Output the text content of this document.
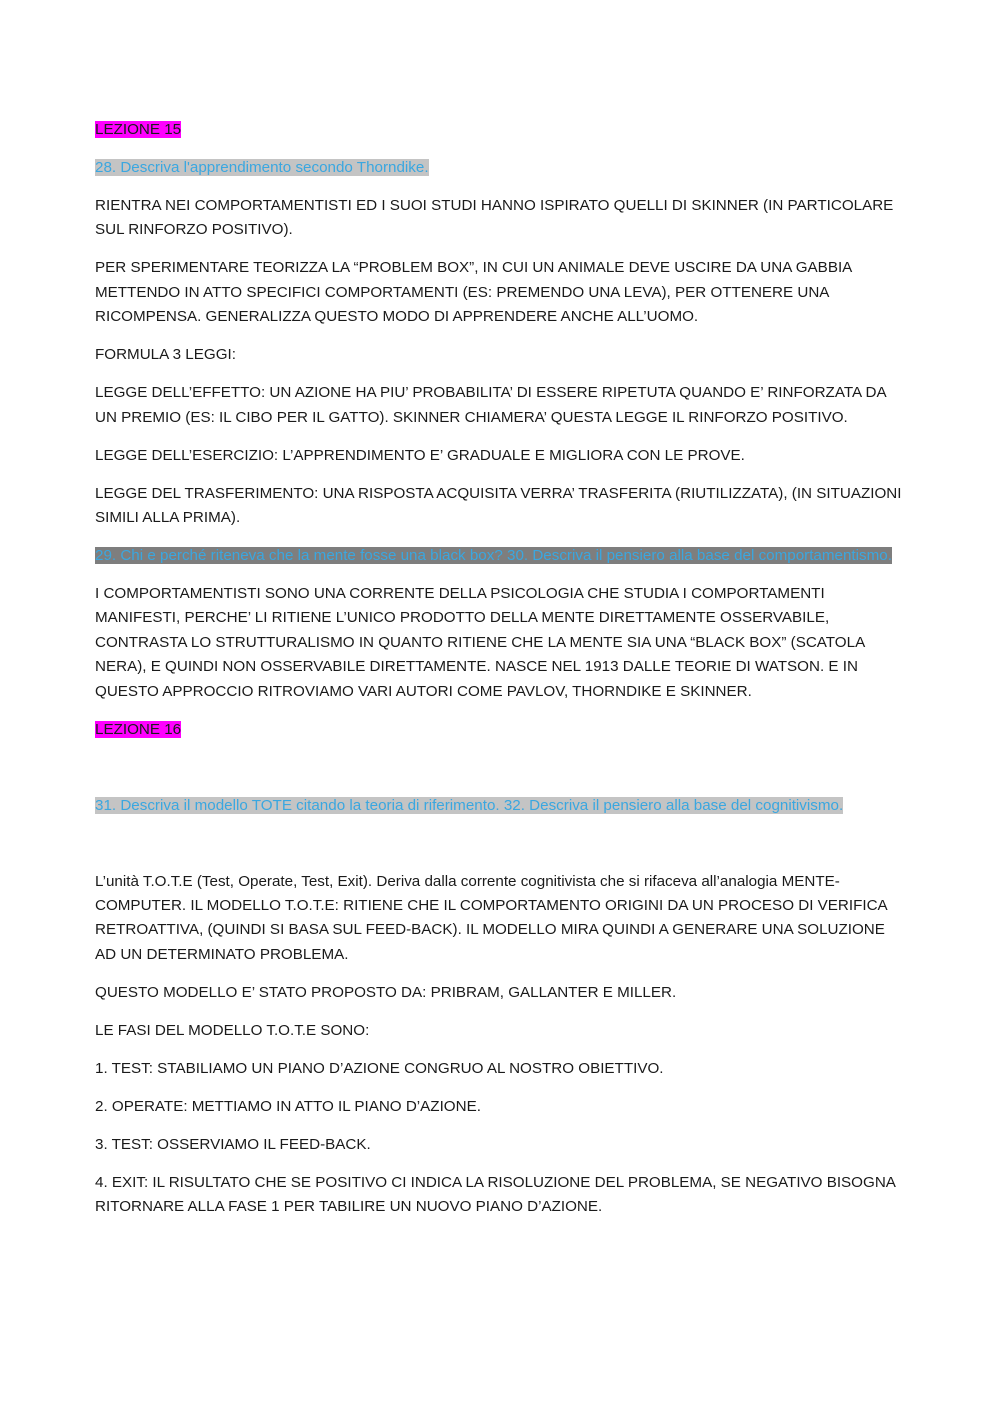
LEZIONE 15

28. Descriva l'apprendimento secondo Thorndike.

RIENTRA NEI COMPORTAMENTISTI ED I SUOI STUDI HANNO ISPIRATO QUELLI DI SKINNER (IN PARTICOLARE SUL RINFORZO POSITIVO).

PER SPERIMENTARE TEORIZZA LA “PROBLEM BOX”, IN CUI UN ANIMALE DEVE USCIRE DA UNA GABBIA METTENDO IN ATTO SPECIFICI COMPORTAMENTI (ES: PREMENDO UNA LEVA), PER OTTENERE UNA RICOMPENSA. GENERALIZZA QUESTO MODO DI APPRENDERE ANCHE ALL’UOMO.

FORMULA 3 LEGGI:

LEGGE DELL’EFFETTO: UN AZIONE HA PIU’ PROBABILITA’ DI ESSERE RIPETUTA QUANDO E’ RINFORZATA DA UN PREMIO (ES: IL CIBO PER IL GATTO). SKINNER CHIAMERA’ QUESTA LEGGE IL RINFORZO POSITIVO.

LEGGE DELL’ESERCIZIO: L’APPRENDIMENTO E’ GRADUALE E MIGLIORA CON LE PROVE.

LEGGE DEL TRASFERIMENTO: UNA RISPOSTA ACQUISITA VERRA’ TRASFERITA (RIUTILIZZATA), (IN SITUAZIONI SIMILI ALLA PRIMA).

29. Chi e perché riteneva che la mente fosse una black box? 30. Descriva il pensiero alla base del comportamentismo.

I COMPORTAMENTISTI SONO UNA CORRENTE DELLA PSICOLOGIA CHE STUDIA I COMPORTAMENTI MANIFESTI, PERCHE’ LI RITIENE L’UNICO PRODOTTO DELLA MENTE DIRETTAMENTE OSSERVABILE, CONTRASTA LO STRUTTURALISMO IN QUANTO RITIENE CHE LA MENTE SIA UNA “BLACK BOX” (SCATOLA NERA), E QUINDI NON OSSERVABILE DIRETTAMENTE. NASCE NEL 1913 DALLE TEORIE DI WATSON. E IN QUESTO APPROCCIO RITROVIAMO VARI AUTORI COME PAVLOV, THORNDIKE E SKINNER.

LEZIONE 16

31. Descriva il modello TOTE citando la teoria di riferimento. 32. Descriva il pensiero alla base del cognitivismo.

L’unità T.O.T.E (Test, Operate, Test, Exit). Deriva dalla corrente cognitivista che si rifaceva all’analogia MENTE-COMPUTER. IL MODELLO T.O.T.E: RITIENE CHE IL COMPORTAMENTO ORIGINI DA UN PROCESO DI VERIFICA RETROATTIVA, (QUINDI SI BASA SUL FEED-BACK). IL MODELLO MIRA QUINDI A GENERARE UNA SOLUZIONE AD UN DETERMINATO PROBLEMA.

QUESTO MODELLO E’ STATO PROPOSTO DA: PRIBRAM, GALLANTER E MILLER.

LE FASI DEL MODELLO T.O.T.E SONO:

1. TEST: STABILIAMO UN PIANO D’AZIONE CONGRUO AL NOSTRO OBIETTIVO.

2. OPERATE: METTIAMO IN ATTO IL PIANO D’AZIONE.

3. TEST: OSSERVIAMO IL FEED-BACK.

4. EXIT: IL RISULTATO CHE SE POSITIVO CI INDICA LA RISOLUZIONE DEL PROBLEMA, SE NEGATIVO BISOGNA RITORNARE ALLA FASE 1 PER TABILIRE UN NUOVO PIANO D’AZIONE.
